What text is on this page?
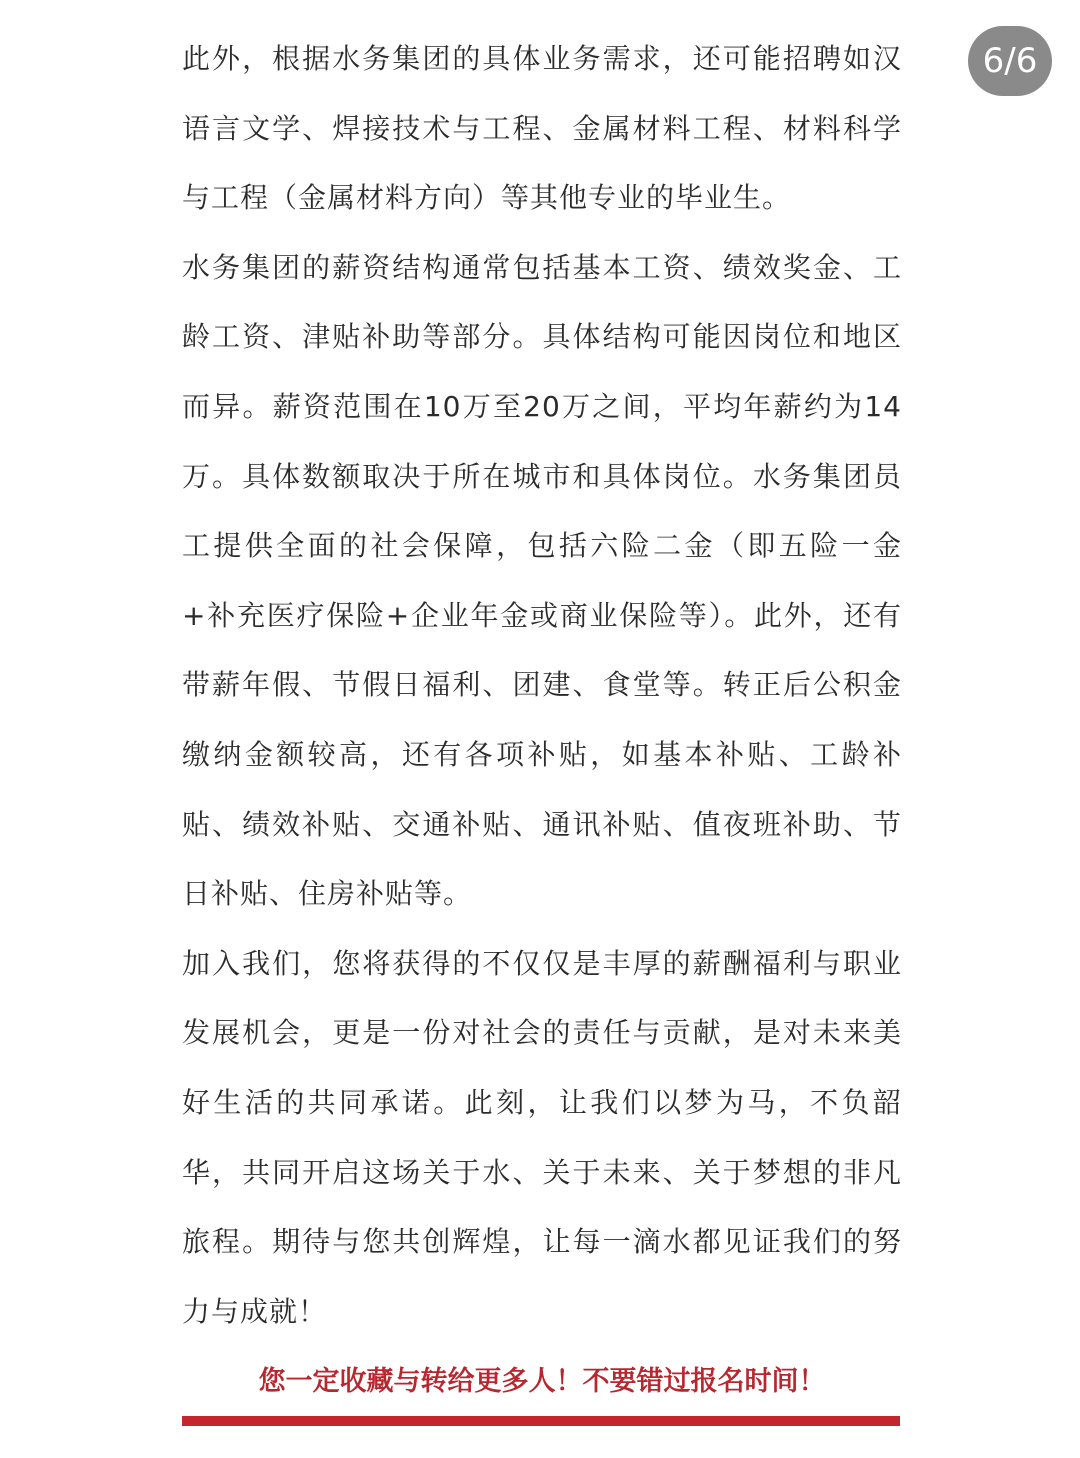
6/6

此外，根据水务集团的具体业务需求，还可能招聘如汉语言文学、焊接技术与工程、金属材料工程、材料科学与工程（金属材料方向）等其他专业的毕业生。

水务集团的薪资结构通常包括基本工资、绩效奖金、工龄工资、津贴补助等部分。具体结构可能因岗位和地区而异。薪资范围在10万至20万之间，平均年薪约为14万。具体数额取决于所在城市和具体岗位。水务集团员工提供全面的社会保障，包括六险二金（即五险一金+补充医疗保险+企业年金或商业保险等）。此外，还有带薪年假、节假日福利、团建、食堂等。转正后公积金缴纳金额较高，还有各项补贴，如基本补贴、工龄补贴、绩效补贴、交通补贴、通讯补贴、值夜班补助、节日补贴、住房补贴等。

加入我们，您将获得的不仅仅是丰厚的薪酬福利与职业发展机会，更是一份对社会的责任与贡献，是对未来美好生活的共同承诺。此刻，让我们以梦为马，不负韶华，共同开启这场关于水、关于未来、关于梦想的非凡旅程。期待与您共创辉煌，让每一滴水都见证我们的努力与成就！

您一定收藏与转给更多人！不要错过报名时间！
